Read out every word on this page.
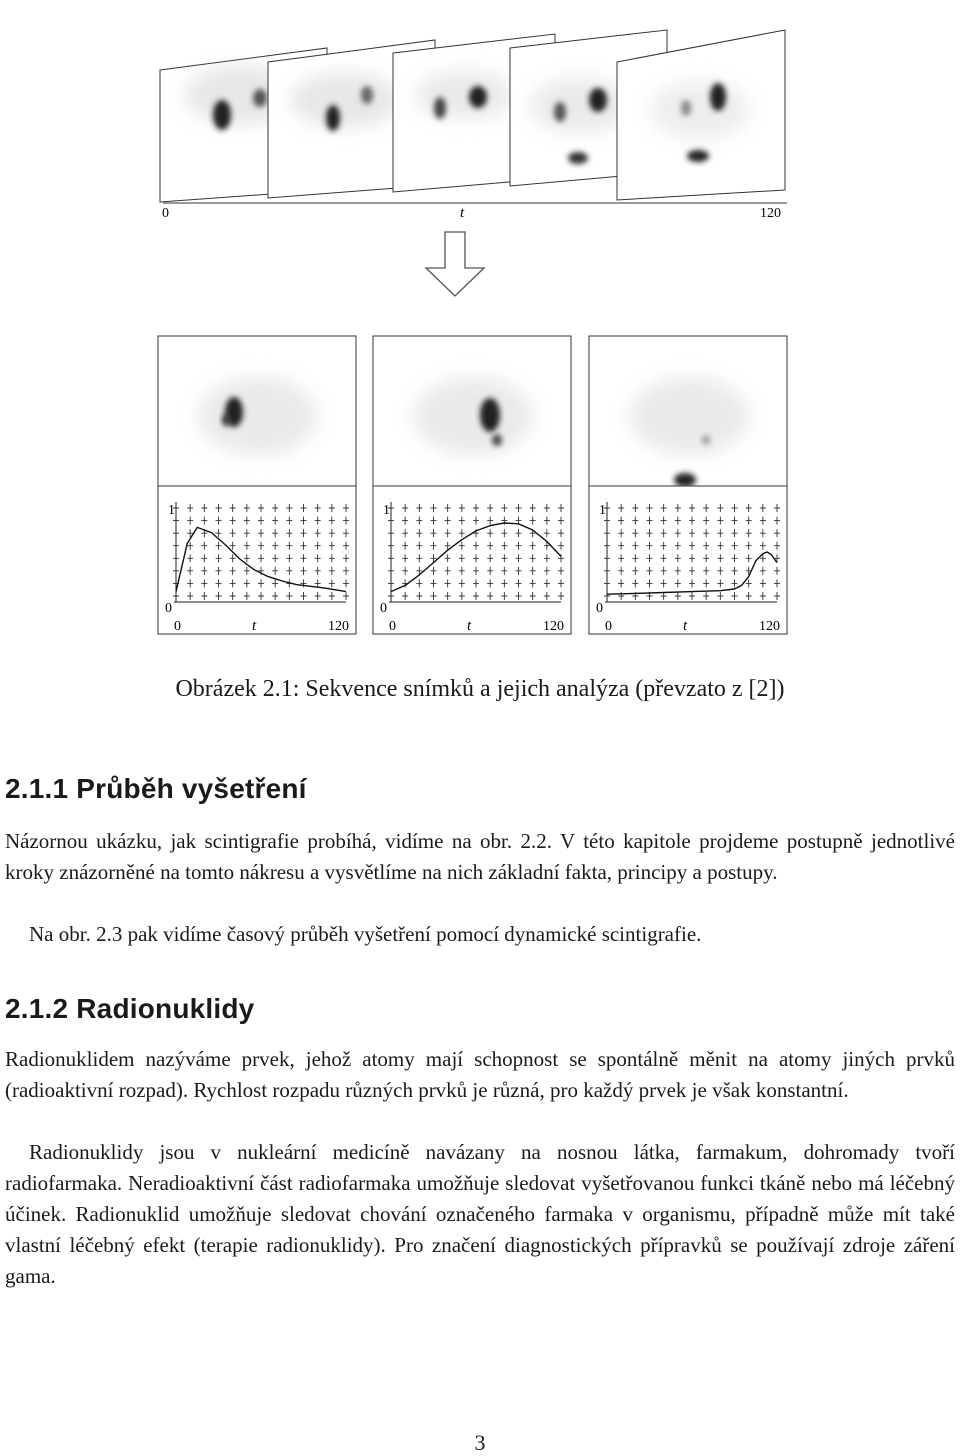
0	t	120
1
0
0	t	120
1
0
0	t	120
1
0
0	t	120
Obrázek 2.1: Sekvence snímků a jejich analýza (převzato z [2])
2.1.1 Průběh vyšetření
Názornou ukázku, jak scintigrafie probíhá, vidíme na obr. 2.2. V této kapitole projdeme postupně jednotlivé kroky znázorněné na tomto nákresu a vysvětlíme na nich základní fakta, principy a postupy.
Na obr. 2.3 pak vidíme časový průběh vyšetření pomocí dynamické scintigrafie.
2.1.2 Radionuklidy
Radionuklidem nazýváme prvek, jehož atomy mají schopnost se spontálně měnit na atomy jiných prvků (radioaktivní rozpad). Rychlost rozpadu různých prvků je různá, pro každý prvek je však konstantní.
Radionuklidy jsou v nukleární medicíně navázany na nosnou látka, farmakum, dohromady tvoří radiofarmaka. Neradioaktivní část radiofarmaka umožňuje sledovat vyšetřovanou funkci tkáně nebo má léčebný účinek. Radionuklid umožňuje sledovat chování označeného farmaka v organismu, případně může mít také vlastní léčebný efekt (terapie radionuklidy). Pro značení diagnostických přípravků se používají zdroje záření gama.
3
